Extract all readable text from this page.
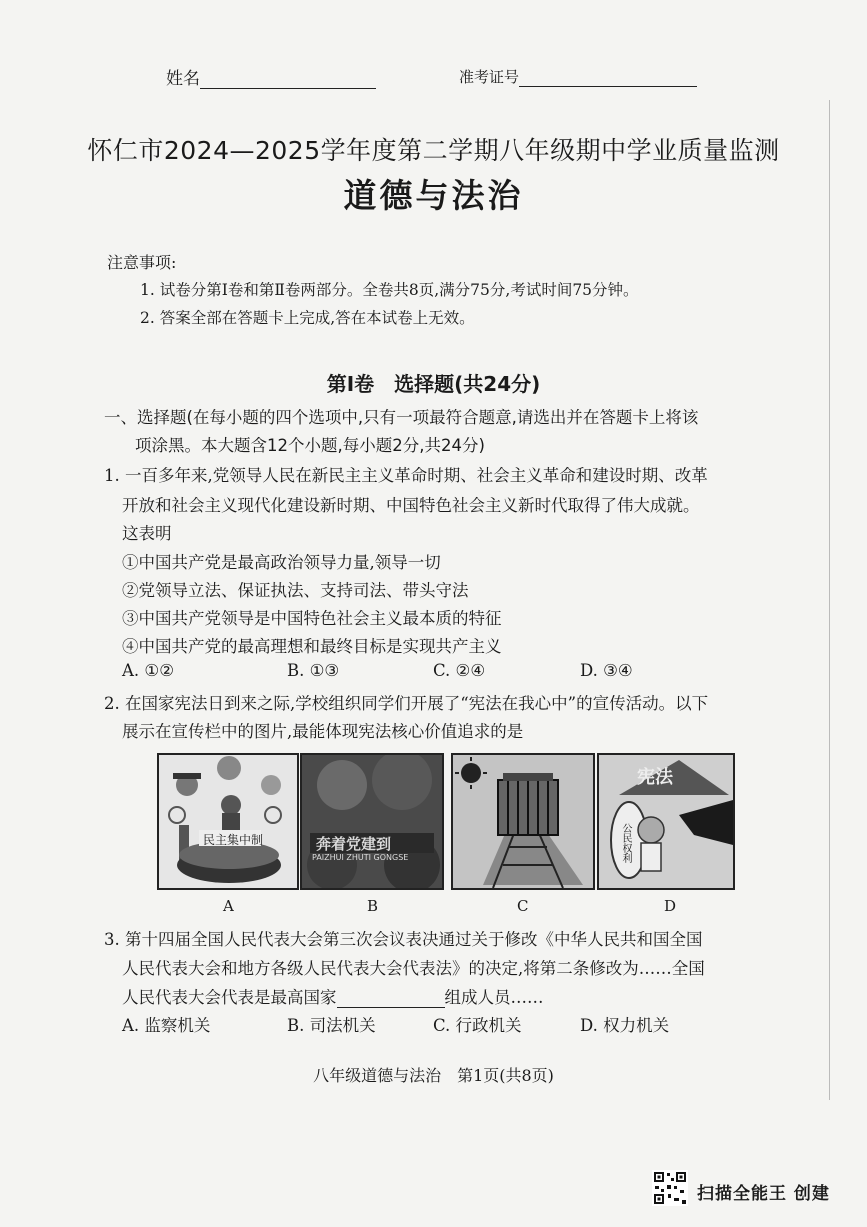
姓名	准考证号
怀仁市2024—2025学年度第二学期八年级期中学业质量监测
道德与法治
注意事项:
1. 试卷分第Ⅰ卷和第Ⅱ卷两部分。全卷共8页,满分75分,考试时间75分钟。
2. 答案全部在答题卡上完成,答在本试卷上无效。
第Ⅰ卷　选择题(共24分)
一、选择题(在每小题的四个选项中,只有一项最符合题意,请选出并在答题卡上将该
项涂黑。本大题含12个小题,每小题2分,共24分)
1. 一百多年来,党领导人民在新民主主义革命时期、社会主义革命和建设时期、改革
开放和社会主义现代化建设新时期、中国特色社会主义新时代取得了伟大成就。
这表明
①中国共产党是最高政治领导力量,领导一切
②党领导立法、保证执法、支持司法、带头守法
③中国共产党领导是中国特色社会主义最本质的特征
④中国共产党的最高理想和最终目标是实现共产主义
A. ①②	B. ①③	C. ②④	D. ③④
2. 在国家宪法日到来之际,学校组织同学们开展了“宪法在我心中”的宣传活动。以下
展示在宣传栏中的图片,最能体现宪法核心价值追求的是
民主集中制
A
奔着党建到
PAIZHUI ZHUTI GONGSE
B	C
宪法
公民权利
D
3. 第十四届全国人民代表大会第三次会议表决通过关于修改《中华人民共和国全国
人民代表大会和地方各级人民代表大会代表法》的决定,将第二条修改为……全国
人民代表大会代表是最高国家	组成人员……
A. 监察机关	B. 司法机关	C. 行政机关	D. 权力机关
八年级道德与法治　第1页(共8页)
扫描全能王 创建
